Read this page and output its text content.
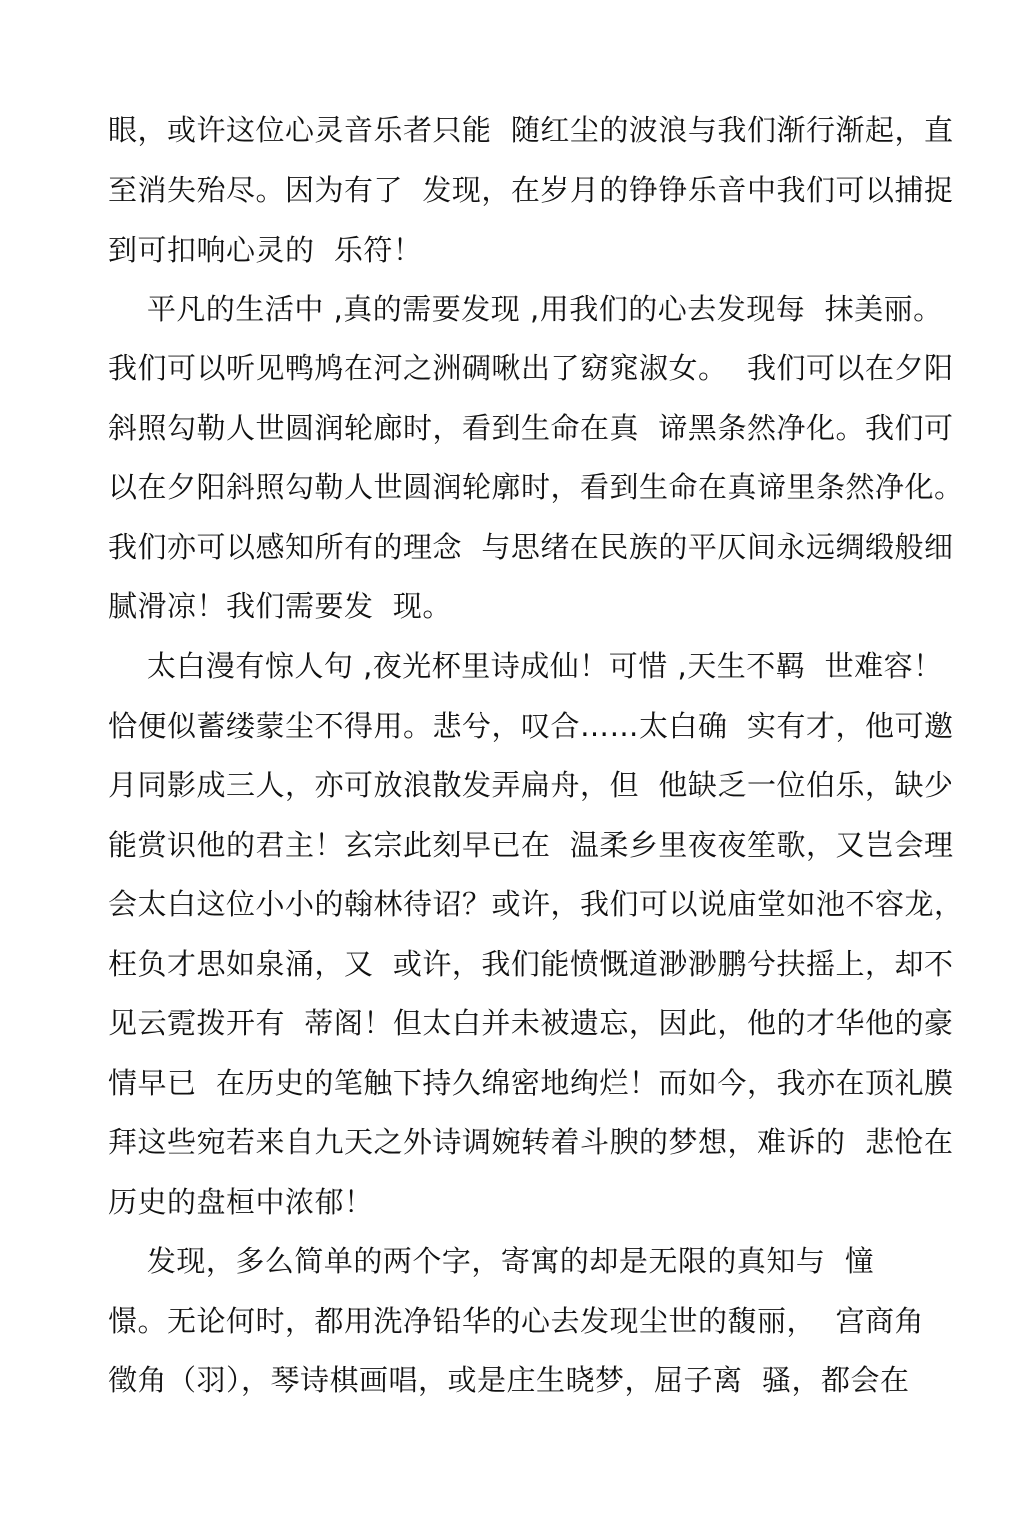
眼，或许这位心灵音乐者只能  随红尘的波浪与我们渐行渐起，直
至消失殆尽。因为有了  发现，在岁月的铮铮乐音中我们可以捕捉
到可扣响心灵的  乐符！
平凡的生活中 ,真的需要发现 ,用我们的心去发现每  抹美丽。
我们可以听见鸭鸠在河之洲碉啾出了窈窕淑女。  我们可以在夕阳
斜照勾勒人世圆润轮廊时，看到生命在真  谛黑条然净化。我们可
以在夕阳斜照勾勒人世圆润轮廓时，看到生命在真谛里条然净化。
我们亦可以感知所有的理念  与思绪在民族的平仄间永远绸缎般细
腻滑凉！我们需要发  现。
太白漫有惊人句 ,夜光杯里诗成仙！可惜 ,天生不羁  世难容！
恰便似蓄缕蒙尘不得用。悲兮，叹合……太白确  实有才，他可邀
月同影成三人，亦可放浪散发弄扁舟，但  他缺乏一位伯乐，缺少
能赏识他的君主！玄宗此刻早已在  温柔乡里夜夜笙歌，又岂会理
会太白这位小小的翰林待诏？或许，我们可以说庙堂如池不容龙，
枉负才思如泉涌，又  或许，我们能愤慨道渺渺鹏兮扶摇上，却不
见云霓拨开有  蒂阁！但太白并未被遗忘，因此，他的才华他的豪
情早已  在历史的笔触下持久绵密地绚烂！而如今，我亦在顶礼膜
拜这些宛若来自九天之外诗调婉转着斗腴的梦想，难诉的  悲怆在
历史的盘桓中浓郁！
发现，多么简单的两个字，寄寓的却是无限的真知与  憧
憬。无论何时，都用洗净铅华的心去发现尘世的馥丽，  宫商角
徵角（羽），琴诗棋画唱，或是庄生晓梦，屈子离  骚，都会在
